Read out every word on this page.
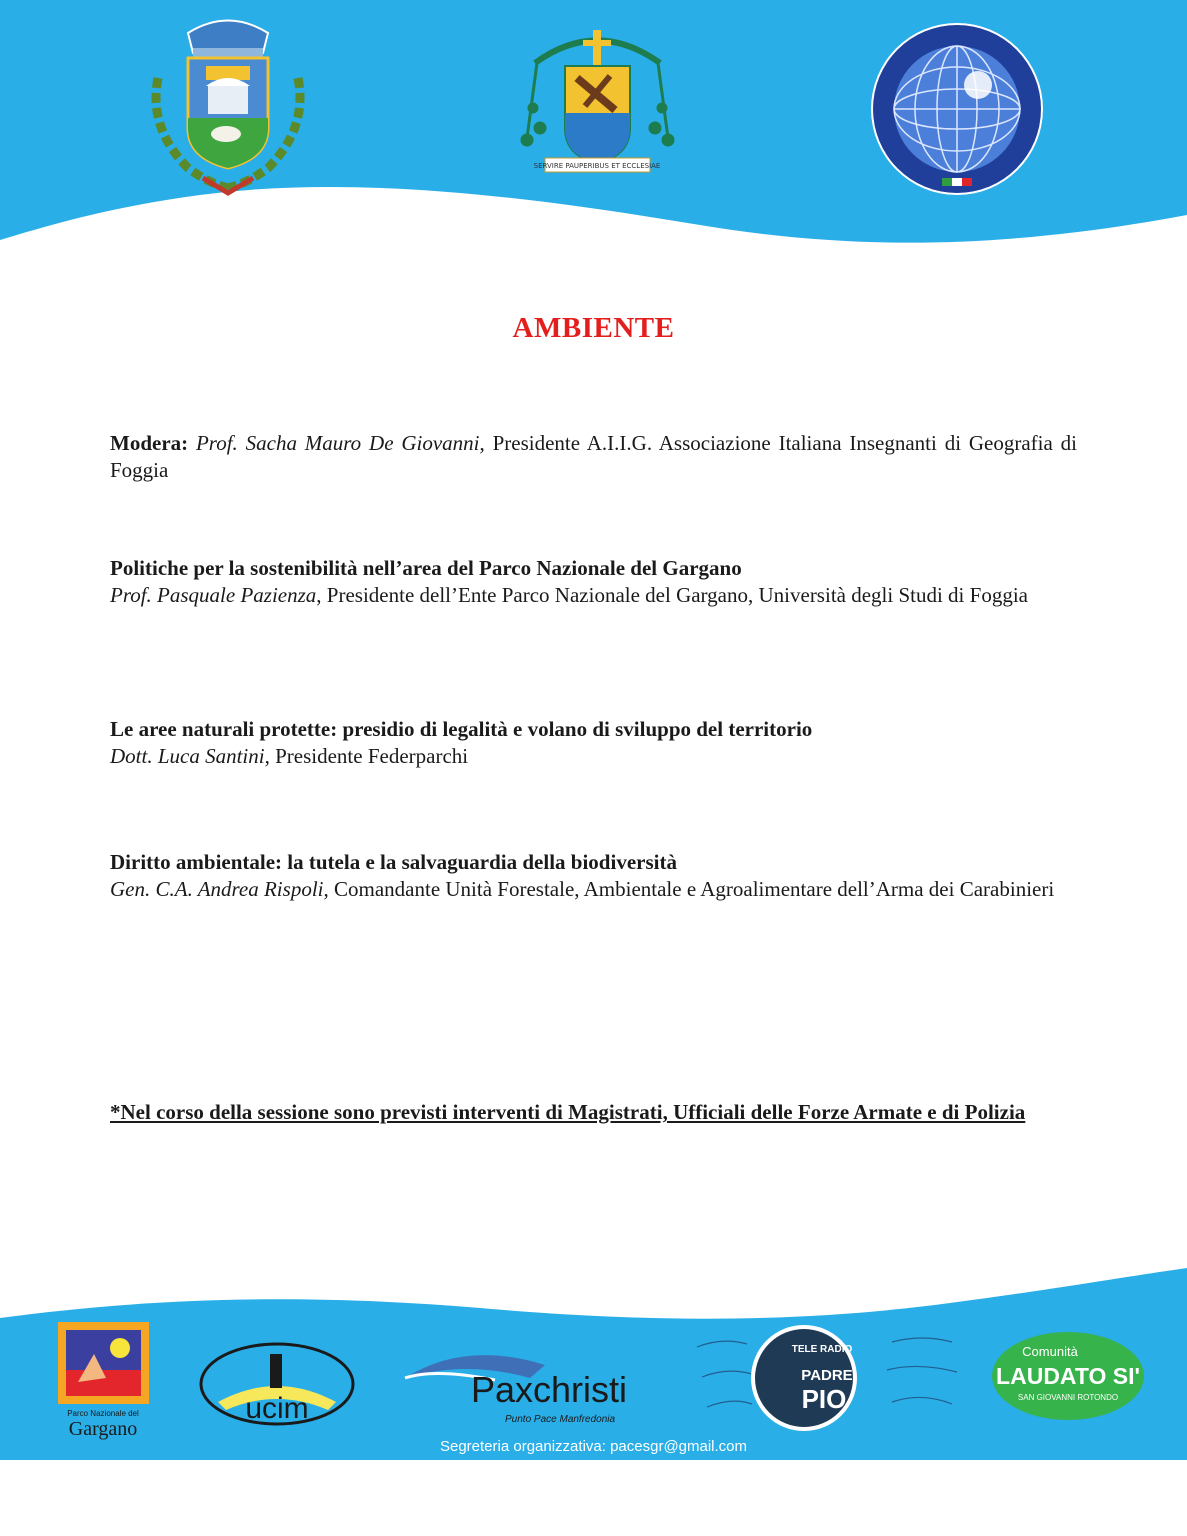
SERVIRE PAUPERIBUS ET ECCLESIAE
AMBIENTE

Modera: Prof. Sacha Mauro De Giovanni, Presidente A.I.I.G. Associazione Italiana Insegnanti di Geografia di Foggia

Politiche per la sostenibilità nell’area del Parco Nazionale del Gargano

Prof. Pasquale Pazienza, Presidente dell’Ente Parco Nazionale del Gargano, Università degli Studi di Foggia

Le aree naturali protette: presidio di legalità e volano di sviluppo del territorio

Dott. Luca Santini, Presidente Federparchi

Diritto ambientale: la tutela e la salvaguardia della biodiversità

Gen. C.A. Andrea Rispoli, Comandante Unità Forestale, Ambientale e Agroalimentare dell’Arma dei Carabinieri

*Nel corso della sessione sono previsti interventi di Magistrati, Ufficiali delle Forze Armate e di Polizia

Parco Nazionale del
Gargano
ucim	Paxchristi
Punto Pace Manfredonia
TELE RADIO
PADRE
PIO
Comunità
LAUDATO SI'
SAN GIOVANNI ROTONDO
Segreteria organizzativa: pacesgr@gmail.com
